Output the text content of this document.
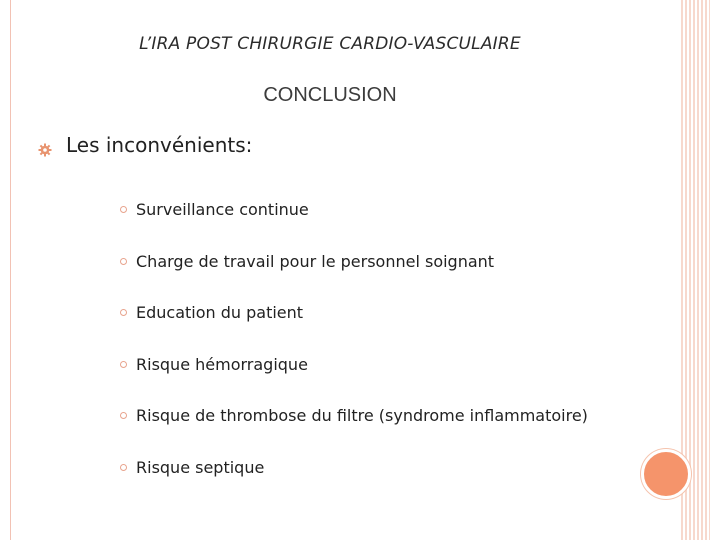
L’IRA POST CHIRURGIE CARDIO-VASCULAIRE
CONCLUSION
Les inconvénients:
Surveillance continue
Charge de travail pour le personnel soignant
Education du patient
Risque hémorragique
Risque de thrombose du filtre (syndrome inflammatoire)
Risque septique
